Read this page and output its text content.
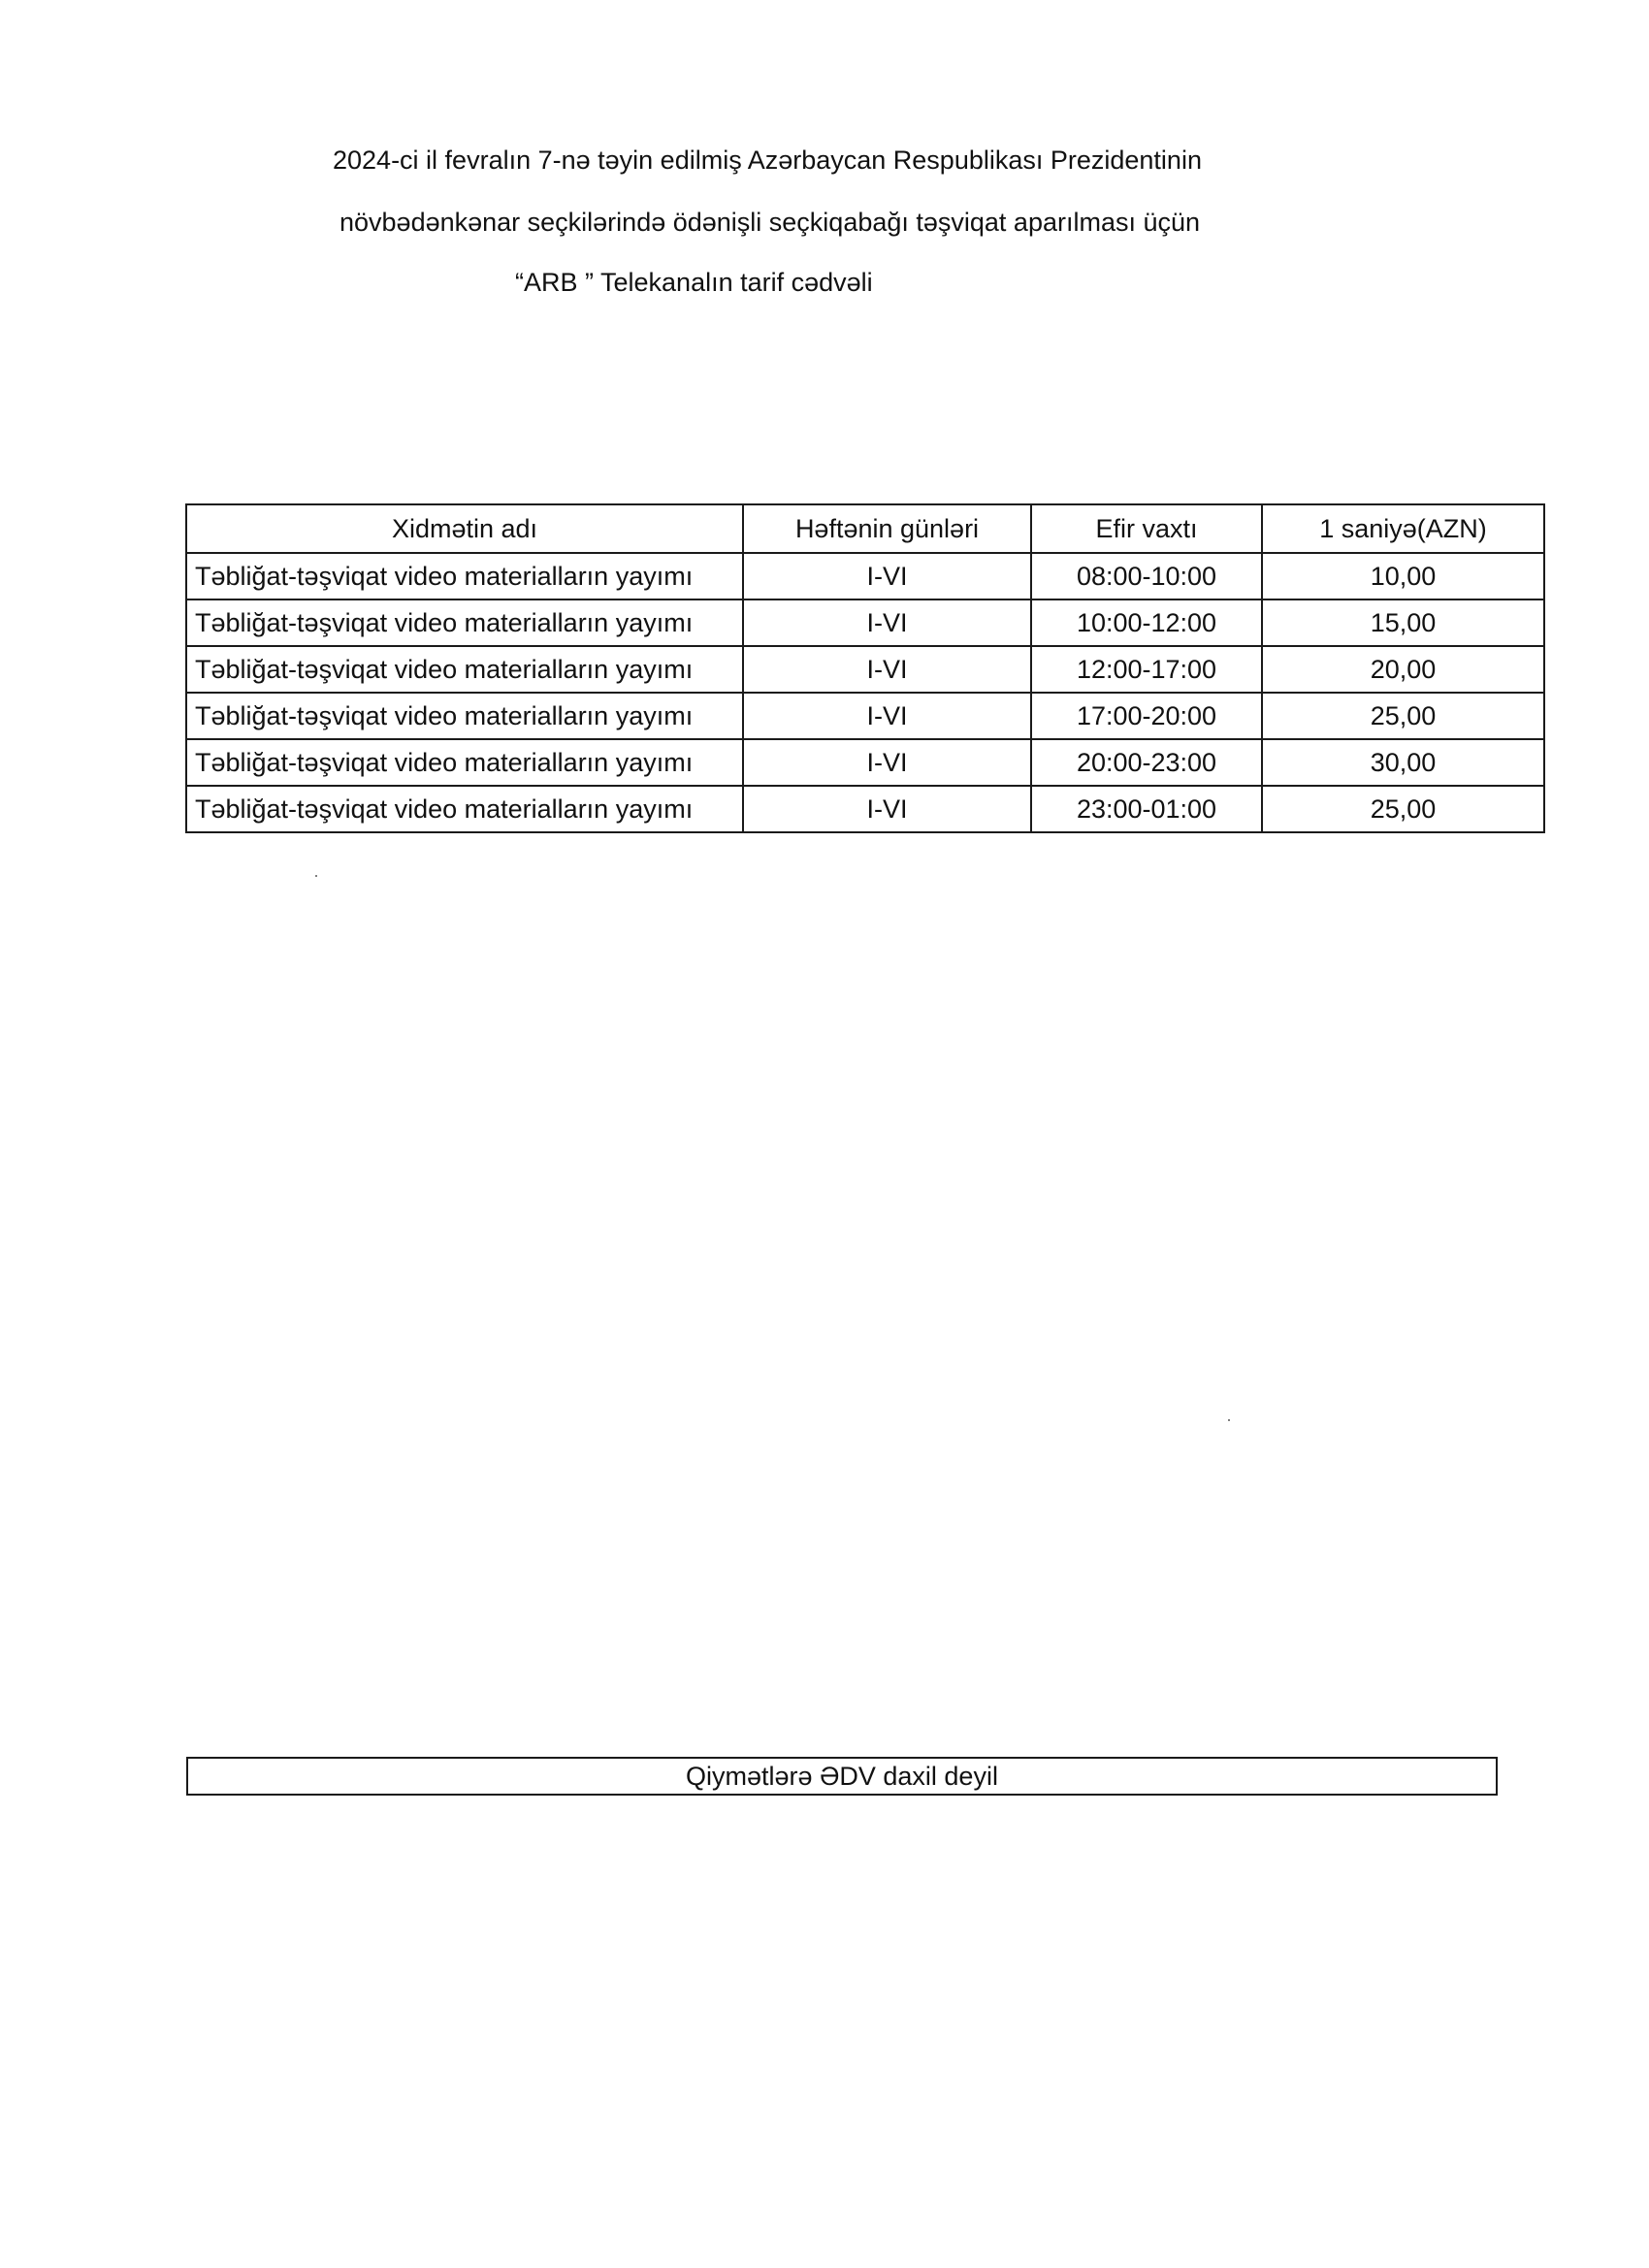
2024-ci il fevralın 7-nə təyin edilmiş Azərbaycan Respublikası Prezidentinin
növbədənkənar seçkilərində ödənişli seçkiqabağı təşviqat aparılması üçün
“ARB ” Telekanalın tarif cədvəli
Xidmətin adı	Həftənin günləri	Efir vaxtı	1 saniyə(AZN)
Təbliğat-təşviqat video materialların yayımı	I-VI	08:00-10:00	10,00
Təbliğat-təşviqat video materialların yayımı	I-VI	10:00-12:00	15,00
Təbliğat-təşviqat video materialların yayımı	I-VI	12:00-17:00	20,00
Təbliğat-təşviqat video materialların yayımı	I-VI	17:00-20:00	25,00
Təbliğat-təşviqat video materialların yayımı	I-VI	20:00-23:00	30,00
Təbliğat-təşviqat video materialların yayımı	I-VI	23:00-01:00	25,00
Qiymətlərə ƏDV daxil deyil
